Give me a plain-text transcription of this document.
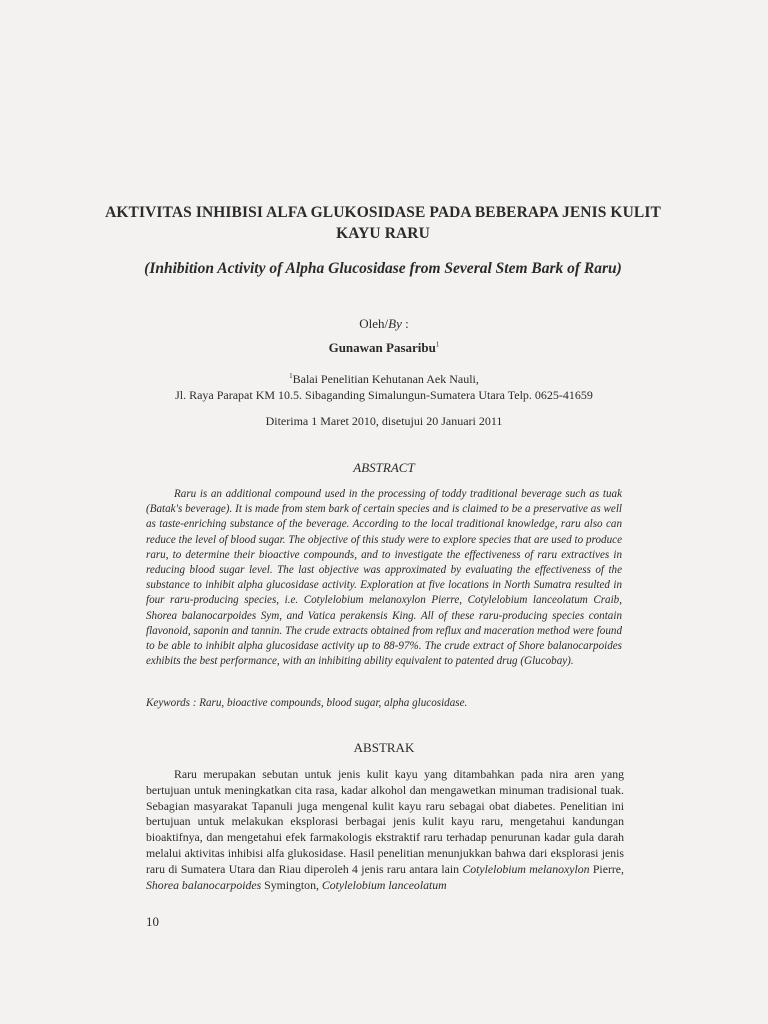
AKTIVITAS INHIBISI ALFA GLUKOSIDASE PADA BEBERAPA JENIS KULIT KAYU RARU
(Inhibition Activity of Alpha Glucosidase from Several Stem Bark of Raru)
Oleh/By :
Gunawan Pasaribu$^1$
$^1$Balai Penelitian Kehutanan Aek Nauli,
Jl. Raya Parapat KM 10.5. Sibaganding Simalungun-Sumatera Utara Telp. 0625-41659
Diterima 1 Maret 2010, disetujui 20 Januari 2011
ABSTRACT

Raru is an additional compound used in the processing of toddy traditional beverage such as tuak (Batak's beverage). It is made from stem bark of certain species and is claimed to be a preservative as well as taste-enriching substance of the beverage. According to the local traditional knowledge, raru also can reduce the level of blood sugar. The objective of this study were to explore species that are used to produce raru, to determine their bioactive compounds, and to investigate the effectiveness of raru extractives in reducing blood sugar level. The last objective was approximated by evaluating the effectiveness of the substance to inhibit alpha glucosidase activity. Exploration at five locations in North Sumatra resulted in four raru-producing species, i.e. Cotylelobium melanoxylon Pierre, Cotylelobium lanceolatum Craib, Shorea balanocarpoides Sym, and Vatica perakensis King. All of these raru-producing species contain flavonoid, saponin and tannin. The crude extracts obtained from reflux and maceration method were found to be able to inhibit alpha glucosidase activity up to 88-97%. The crude extract of Shore balanocarpoides exhibits the best performance, with an inhibiting ability equivalent to patented drug (Glucobay).

Keywords : Raru, bioactive compounds, blood sugar, alpha glucosidase.

ABSTRAK

Raru merupakan sebutan untuk jenis kulit kayu yang ditambahkan pada nira aren yang bertujuan untuk meningkatkan cita rasa, kadar alkohol dan mengawetkan minuman tradisional tuak. Sebagian masyarakat Tapanuli juga mengenal kulit kayu raru sebagai obat diabetes. Penelitian ini bertujuan untuk melakukan eksplorasi berbagai jenis kulit kayu raru, mengetahui kandungan bioaktifnya, dan mengetahui efek farmakologis ekstraktif raru terhadap penurunan kadar gula darah melalui aktivitas inhibisi alfa glukosidase. Hasil penelitian menunjukkan bahwa dari eksplorasi jenis raru di Sumatera Utara dan Riau diperoleh 4 jenis raru antara lain Cotylelobium melanoxylon Pierre, Shorea balanocarpoides Symington, Cotylelobium lanceolatum

10
